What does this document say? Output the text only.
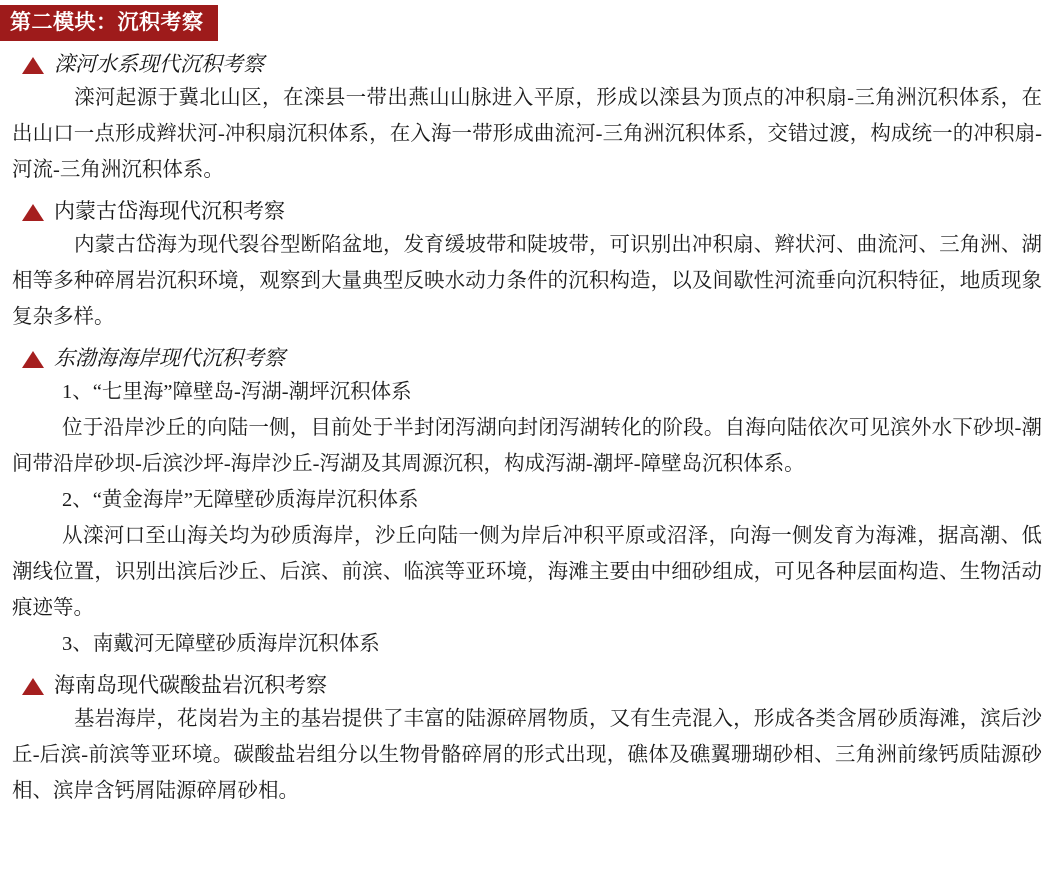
第二模块：沉积考察
滦河水系现代沉积考察

滦河起源于冀北山区，在滦县一带出燕山山脉进入平原，形成以滦县为顶点的冲积扇-三角洲沉积体系，在出山口一点形成辫状河-冲积扇沉积体系，在入海一带形成曲流河-三角洲沉积体系，交错过渡，构成统一的冲积扇-河流-三角洲沉积体系。

内蒙古岱海现代沉积考察

内蒙古岱海为现代裂谷型断陷盆地，发育缓坡带和陡坡带，可识别出冲积扇、辫状河、曲流河、三角洲、湖相等多种碎屑岩沉积环境，观察到大量典型反映水动力条件的沉积构造，以及间歇性河流垂向沉积特征，地质现象复杂多样。

东渤海海岸现代沉积考察

1、“七里海”障壁岛-泻湖-潮坪沉积体系

位于沿岸沙丘的向陆一侧，目前处于半封闭泻湖向封闭泻湖转化的阶段。自海向陆依次可见滨外水下砂坝-潮间带沿岸砂坝-后滨沙坪-海岸沙丘-泻湖及其周源沉积，构成泻湖-潮坪-障壁岛沉积体系。

2、“黄金海岸”无障壁砂质海岸沉积体系

从滦河口至山海关均为砂质海岸，沙丘向陆一侧为岸后冲积平原或沼泽，向海一侧发育为海滩，据高潮、低潮线位置，识别出滨后沙丘、后滨、前滨、临滨等亚环境，海滩主要由中细砂组成，可见各种层面构造、生物活动痕迹等。

3、南戴河无障壁砂质海岸沉积体系

海南岛现代碳酸盐岩沉积考察

基岩海岸，花岗岩为主的基岩提供了丰富的陆源碎屑物质，又有生壳混入，形成各类含屑砂质海滩，滨后沙丘-后滨-前滨等亚环境。碳酸盐岩组分以生物骨骼碎屑的形式出现，礁体及礁翼珊瑚砂相、三角洲前缘钙质陆源砂相、滨岸含钙屑陆源碎屑砂相。
